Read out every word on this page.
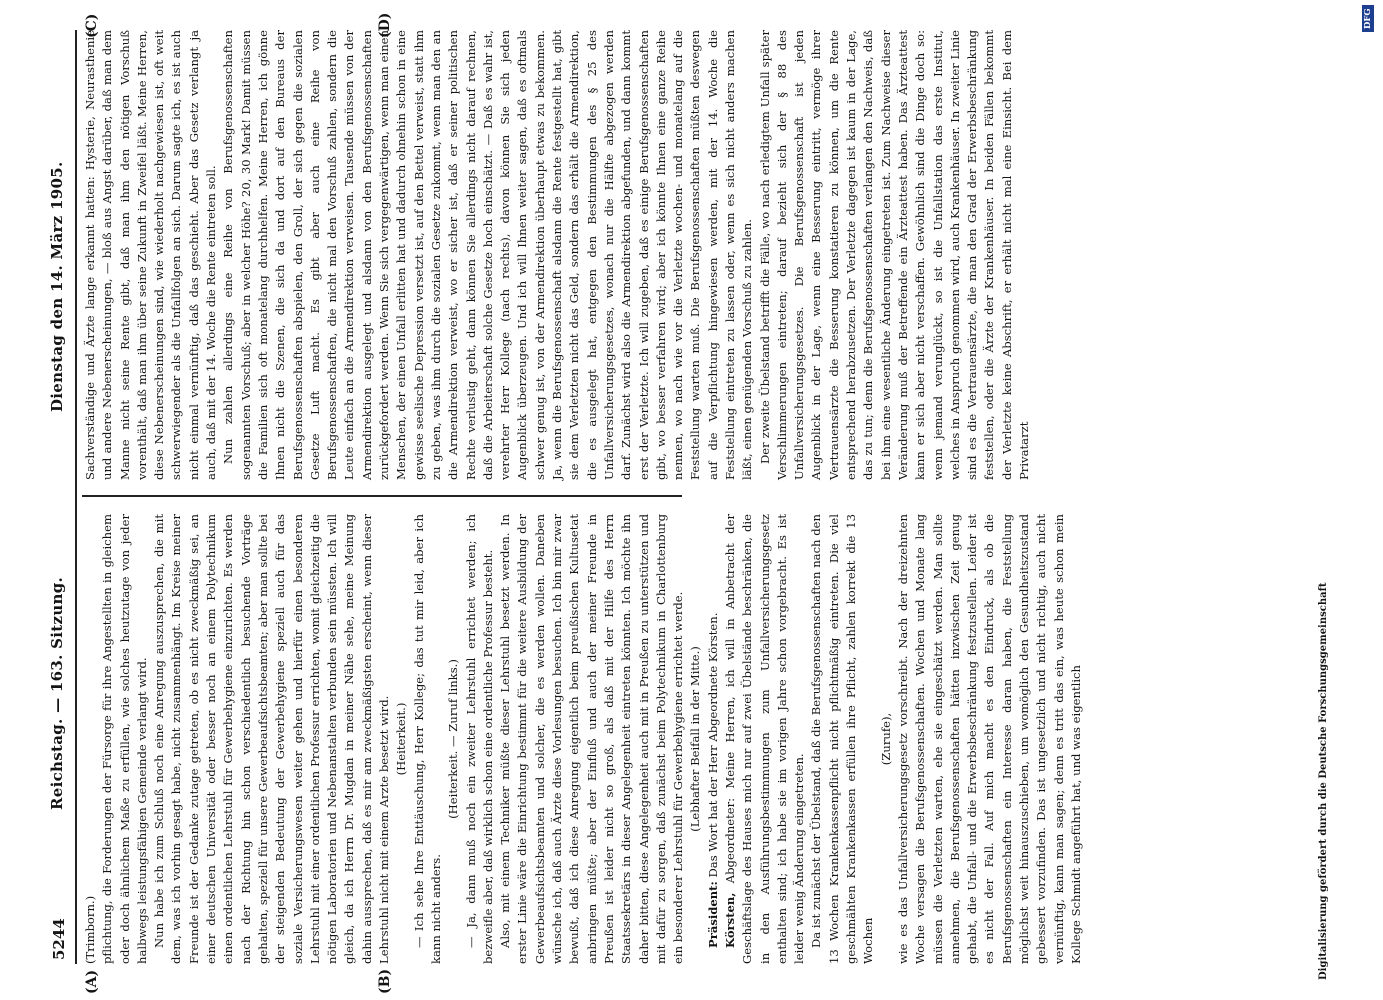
5244
Reichstag. — 163. Sitzung.
Dienstag den 14. März 1905.
(A)	(B)
(C)	(D)

(Trimborn.) pflichtung, die Forderungen der Fürsorge für ihre Angestellten in gleichem oder doch ähnlichem Maße zu erfüllen, wie solches heutzutage von jeder halbwegs leistungsfähigen Gemeinde verlangt wird. Nun habe ich zum Schluß noch eine Anregung auszusprechen, die mit dem, was ich vorhin gesagt habe, nicht zusammenhängt. Im Kreise meiner Freunde ist der Gedanke zutage getreten, ob es nicht zweckmäßig sei, an einer deutschen Universität oder besser noch an einem Polytechnikum einen ordentlichen Lehrstuhl für Gewerbehygiene einzurichten. Es werden nach der Richtung hin schon verschiedentlich besuchende Vorträge gehalten, speziell für unsere Gewerbeaufsichtsbeamten; aber man sollte bei der steigenden Bedeutung der Gewerbehygiene speziell auch für das soziale Versicherungswesen weiter gehen und hierfür einen besonderen Lehrstuhl mit einer ordentlichen Professur errichten, womit gleichzeitig die nötigen Laboratorien und Nebenanstalten verbunden sein müssten. Ich will gleich, da ich Herrn Dr. Mugdan in meiner Nähe sehe, meine Meinung dahin aussprechen, daß es mir am zweckmäßigsten erscheint, wenn dieser Lehrstuhl nicht mit einem Arzte besetzt wird. (Heiterkeit.) — Ich sehe Ihre Enttäuschung, Herr Kollege; das tut mir leid, aber ich kann nicht anders.

(Heiterkeit. — Zuruf links.) — Ja, dann muß noch ein zweiter Lehrstuhl errichtet werden; ich bezweifle aber, daß wirklich schon eine ordentliche Professur besteht. Also, mit einem Techniker müßte dieser Lehrstuhl besetzt werden. In erster Linie wäre die Einrichtung bestimmt für die weitere Ausbildung der Gewerbeaufsichtsbeamten und solcher, die es werden wollen. Daneben wünsche ich, daß auch Ärzte diese Vorlesungen besuchen. Ich bin mir zwar bewußt, daß ich diese Anregung eigentlich beim preußischen Kultusetat anbringen müßte; aber der Einfluß und auch der meiner Freunde in Preußen ist leider nicht so groß, als daß mit der Hilfe des Herrn Staatssekretärs in dieser Angelegenheit eintreten könnten. Ich möchte ihn daher bitten, diese Angelegenheit auch mit in Preußen zu unterstützen und mit dafür zu sorgen, daß zunächst beim Polytechnikum in Charlottenburg ein besonderer Lehrstuhl für Gewerbehygiene errichtet werde. (Lebhafter Beifall in der Mitte.)

Präsident: Das Wort hat der Herr Abgeordnete Körsten.

Körsten, Abgeordneter: Meine Herren, ich will in Anbetracht der Geschäftslage des Hauses mich nur auf zwei Übelstände beschränken, die in den Ausführungsbestimmungen zum Unfallversicherungsgesetz enthalten sind; ich habe sie im vorigen Jahre schon vorgebracht. Es ist leider wenig Änderung eingetreten. Da ist zunächst der Übelstand, daß die Berufsgenossenschaften nach den 13 Wochen Krankenkassenpflicht nicht pflichtmäßig eintreten. Die viel geschmähten Krankenkassen erfüllen ihre Pflicht, zahlen korrekt die 13 Wochen

(Zurufe), wie es das Unfallversicherungsgesetz vorschreibt. Nach der dreizehnten Woche versagen die Berufsgenossenschaften. Wochen und Monate lang müssen die Verletzten warten, ehe sie eingeschätzt werden. Man sollte annehmen, die Berufsgenossenschaften hätten inzwischen Zeit genug gehabt, die Unfall- und die Erwerbsbeschränkung festzustellen. Leider ist es nicht der Fall. Auf mich macht es den Eindruck, als ob die Berufsgenossenschaften ein Interesse daran haben, die Feststellung möglichst weit hinauszuschieben, um womöglich den Gesundheitszustand gebessert vorzufinden. Das ist ungesetzlich und nicht richtig, auch nicht vernünftig, kann man sagen; denn es tritt das ein, was heute schon mein Kollege Schmidt angeführt hat, und was eigentlich

Sachverständige und Ärzte lange erkannt hatten: Hysterie, Neurasthenie und andere Nebenerscheinungen, — bloß aus Angst darüber, daß man dem Manne nicht seine Rente gibt, daß man ihm den nötigen Vorschuß vorenthält, daß man ihm über seine Zukunft in Zweifel läßt. Meine Herren, diese Nebenerscheinungen sind, wie wiederholt nachgewiesen ist, oft weit schwerwiegender als die Unfallfolgen an sich. Darum sagte ich, es ist auch nicht einmal vernünftig, daß das geschieht. Aber das Gesetz verlangt ja auch, daß mit der 14. Woche die Rente eintreten soll. Nun zahlen allerdings eine Reihe von Berufsgenossenschaften sogenannten Vorschuß; aber in welcher Höhe? 20, 30 Mark! Damit müssen die Familien sich oft monatelang durchhelfen. Meine Herren, ich gönne Ihnen nicht die Szenen, die sich da und dort auf den Bureaus der Berufsgenossenschaften abspielen, den Groll, der sich gegen die sozialen Gesetze Luft macht. Es gibt aber auch eine Reihe von Berufsgenossenschaften, die nicht mal den Vorschuß zahlen, sondern die Leute einfach an die Armendirektion verweisen. Tausende müssen von der Armendirektion ausgelegt und alsdann von den Berufsgenossenschaften zurückgefordert werden. Wenn Sie sich vergegenwärtigen, wenn man einen Menschen, der einen Unfall erlitten hat und dadurch ohnehin schon in eine gewisse seelische Depression versetzt ist, auf den Bettel verweist, statt ihm zu geben, was ihm durch die sozialen Gesetze zukommt, wenn man den an die Armendirektion verweist, wo er sicher ist, daß er seiner politischen Rechte verlustig geht, dann können Sie allerdings nicht darauf rechnen, daß die Arbeiterschaft solche Gesetze hoch einschätzt. — Daß es wahr ist, verehrter Herr Kollege (nach rechts), davon können Sie sich jeden Augenblick überzeugen. Und ich will Ihnen weiter sagen, daß es oftmals schwer genug ist, von der Armendirektion überhaupt etwas zu bekommen. Ja, wenn die Berufsgenossenschaft alsdann die Rente festgestellt hat, gibt sie dem Verletzten nicht das Geld, sondern das erhält die Armendirektion, die es ausgelegt hat, entgegen den Bestimmungen des § 25 des Unfallversicherungsgesetzes, wonach nur die Hälfte abgezogen werden darf. Zunächst wird also die Armendirektion abgefunden, und dann kommt erst der Verletzte. Ich will zugeben, daß es einige Berufsgenossenschaften gibt, wo besser verfahren wird; aber ich könnte Ihnen eine ganze Reihe nennen, wo nach wie vor die Verletzte wochen- und monatelang auf die Feststellung warten muß. Die Berufsgenossenschaften müßten deswegen auf die Verpflichtung hingewiesen werden, mit der 14. Woche die Feststellung eintreten zu lassen oder, wenn es sich nicht anders machen läßt, einen genügenden Vorschuß zu zahlen. Der zweite Übelstand betrifft die Fälle, wo nach erledigtem Unfall später Verschlimmerungen eintreten; darauf bezieht sich der § 88 des Unfallversicherungsgesetzes. Die Berufsgenossenschaft ist jeden Augenblick in der Lage, wenn eine Besserung eintritt, vermöge ihrer Vertrauensärzte die Besserung konstatieren zu können, um die Rente entsprechend herabzusetzen. Der Verletzte dagegen ist kaum in der Lage, das zu tun; denn die Berufsgenossenschaften verlangen den Nachweis, daß bei ihm eine wesentliche Änderung eingetreten ist. Zum Nachweise dieser Veränderung muß der Betreffende ein Ärzteattest haben. Das Ärzteattest kann er sich aber nicht verschaffen. Gewöhnlich sind die Dinge doch so: wenn jemand verunglückt, so ist die Unfallstation das erste Institut, welches in Anspruch genommen wird, auch Krankenhäuser. In zweiter Linie sind es die Vertrauensärzte, die man den Grad der Erwerbsbeschränkung feststellen, oder die Ärzte der Krankenhäuser. In beiden Fällen bekommt der Verletzte keine Abschrift, er erhält nicht mal eine Einsicht. Bei dem Privatarzt

Digitalisierung gefördert durch die Deutsche Forschungsgemeinschaft
DFG
